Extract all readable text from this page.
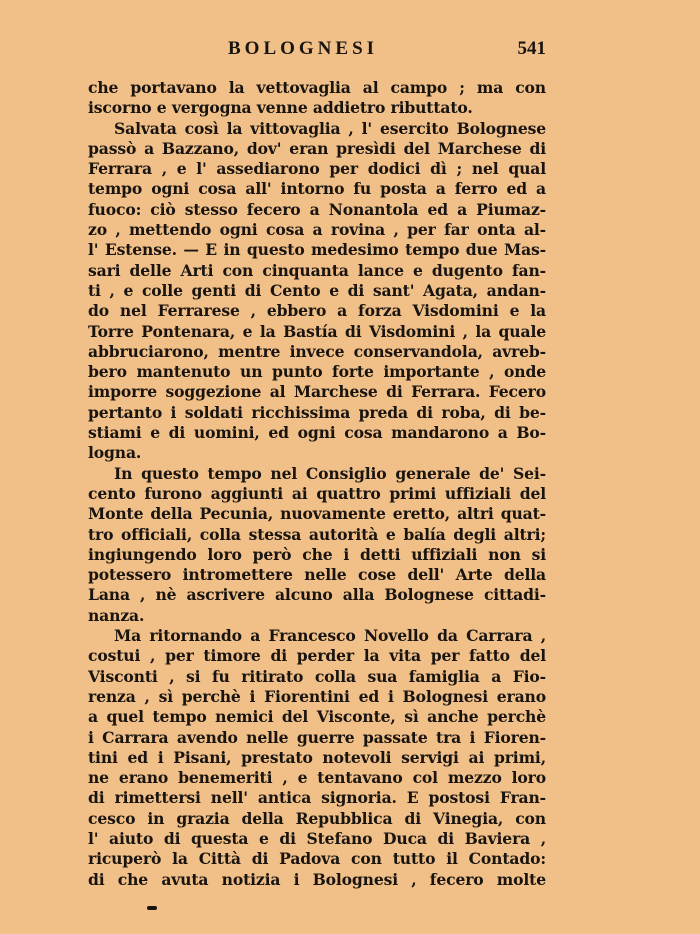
BOLOGNESI	541
che portavano la vettovaglia al campo ; ma con
iscorno e vergogna venne addietro ributtato.
Salvata così la vittovaglia , l' esercito Bolognese
passò a Bazzano, dov' eran presìdi del Marchese di
Ferrara , e l' assediarono per dodici dì ; nel qual
tempo ogni cosa all' intorno fu posta a ferro ed a
fuoco: ciò stesso fecero a Nonantola ed a Piumaz-
zo , mettendo ogni cosa a rovina , per far onta al-
l' Estense. — E in questo medesimo tempo due Mas-
sari delle Arti con cinquanta lance e dugento fan-
ti , e colle genti di Cento e di sant' Agata, andan-
do nel Ferrarese , ebbero a forza Visdomini e la
Torre Pontenara, e la Bastía di Visdomini , la quale
abbruciarono, mentre invece conservandola, avreb-
bero mantenuto un punto forte importante , onde
imporre soggezione al Marchese di Ferrara. Fecero
pertanto i soldati ricchissima preda di roba, di be-
stiami e di uomini, ed ogni cosa mandarono a Bo-
logna.
In questo tempo nel Consiglio generale de' Sei-
cento furono aggiunti ai quattro primi uffiziali del
Monte della Pecunia, nuovamente eretto, altri quat-
tro officiali, colla stessa autorità e balía degli altri;
ingiungendo loro però che i detti uffiziali non si
potessero intromettere nelle cose dell' Arte della
Lana , nè ascrivere alcuno alla Bolognese cittadi-
nanza.
Ma ritornando a Francesco Novello da Carrara ,
costui , per timore di perder la vita per fatto del
Visconti , si fu ritirato colla sua famiglia a Fio-
renza , sì perchè i Fiorentini ed i Bolognesi erano
a quel tempo nemici del Visconte, sì anche perchè
i Carrara avendo nelle guerre passate tra i Fioren-
tini ed i Pisani, prestato notevoli servigi ai primi,
ne erano benemeriti , e tentavano col mezzo loro
di rimettersi nell' antica signoria. E postosi Fran-
cesco in grazia della Repubblica di Vinegia, con
l' aiuto di questa e di Stefano Duca di Baviera ,
ricuperò la Città di Padova con tutto il Contado:
di che avuta notizia i Bolognesi , fecero molte
